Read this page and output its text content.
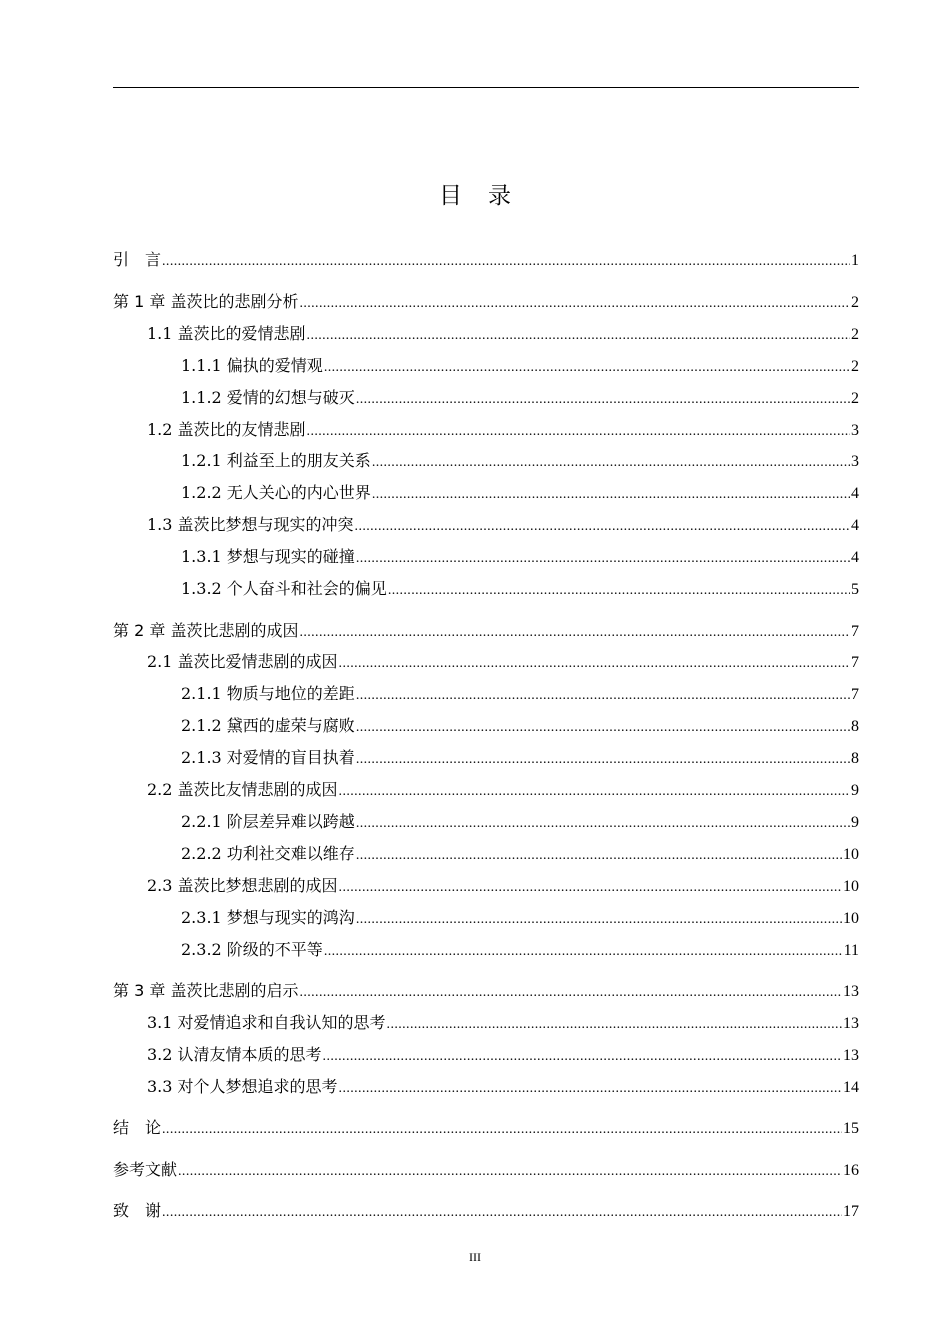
目 录
引　言 .....	1
第 1 章 盖茨比的悲剧分析 .....	2
1.1 盖茨比的爱情悲剧 .....	2
1.1.1 偏执的爱情观 .....	2
1.1.2 爱情的幻想与破灭 .....	2
1.2 盖茨比的友情悲剧 .....	3
1.2.1 利益至上的朋友关系 .....	3
1.2.2 无人关心的内心世界 .....	4
1.3 盖茨比梦想与现实的冲突 .....	4
1.3.1 梦想与现实的碰撞 .....	4
1.3.2 个人奋斗和社会的偏见 .....	5
第 2 章 盖茨比悲剧的成因 .....	7
2.1 盖茨比爱情悲剧的成因 .....	7
2.1.1 物质与地位的差距 .....	7
2.1.2 黛西的虚荣与腐败 .....	8
2.1.3 对爱情的盲目执着 .....	8
2.2 盖茨比友情悲剧的成因 .....	9
2.2.1 阶层差异难以跨越 .....	9
2.2.2 功利社交难以维存 .....	10
2.3 盖茨比梦想悲剧的成因 .....	10
2.3.1 梦想与现实的鸿沟 .....	10
2.3.2 阶级的不平等 .....	11
第 3 章 盖茨比悲剧的启示 .....	13
3.1 对爱情追求和自我认知的思考 .....	13
3.2 认清友情本质的思考 .....	13
3.3 对个人梦想追求的思考 .....	14
结　论 .....	15
参考文献 .....	16
致　谢 .....	17
III
